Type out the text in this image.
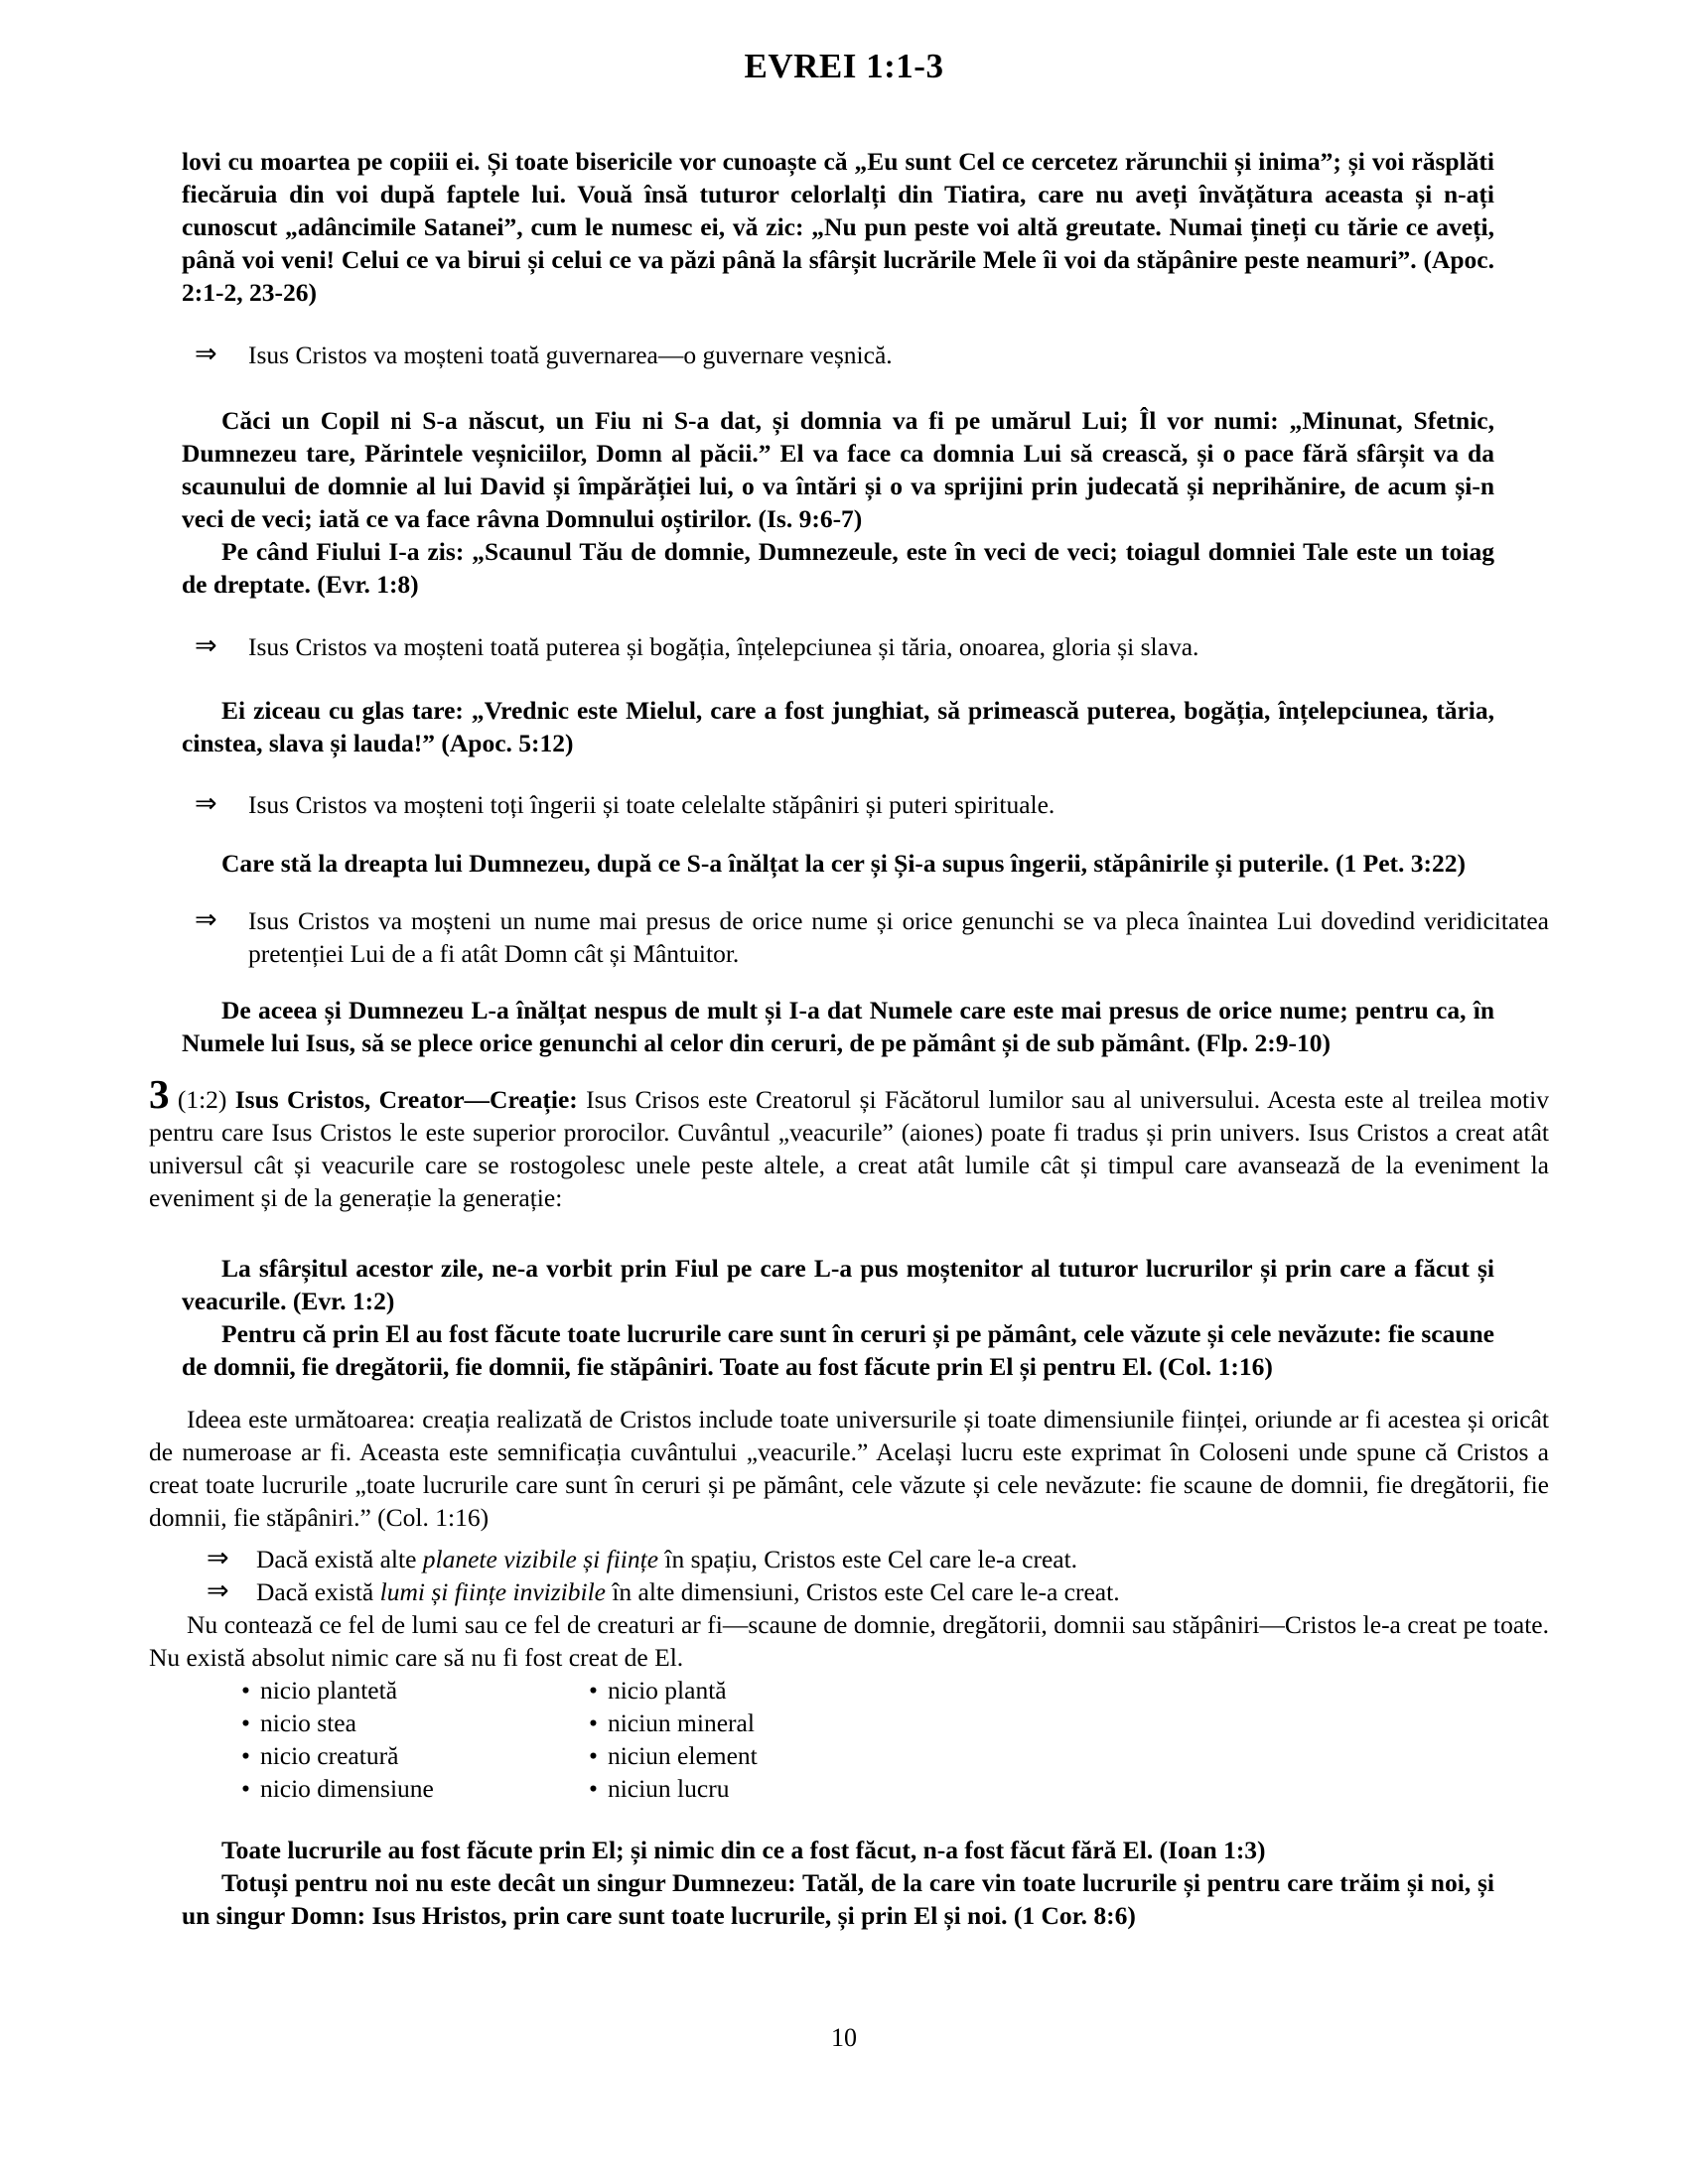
EVREI 1:1-3

lovi cu moartea pe copiii ei. Și toate bisericile vor cunoaște că „Eu sunt Cel ce cercetez rărunchii și inima”; și voi răsplăti fiecăruia din voi după faptele lui. Vouă însă tuturor celorlalți din Tiatira, care nu aveți învățătura aceasta și n-ați cunoscut „adâncimile Satanei”, cum le numesc ei, vă zic: „Nu pun peste voi altă greutate. Numai țineți cu tărie ce aveți, până voi veni! Celui ce va birui și celui ce va păzi până la sfârșit lucrările Mele îi voi da stăpânire peste neamuri”. (Apoc. 2:1-2, 23-26)

⇒ Isus Cristos va moșteni toată guvernarea—o guvernare veșnică.

Căci un Copil ni S-a născut, un Fiu ni S-a dat, și domnia va fi pe umărul Lui; Îl vor numi: „Minunat, Sfetnic, Dumnezeu tare, Părintele veșniciilor, Domn al păcii.” El va face ca domnia Lui să crească, și o pace fără sfârșit va da scaunului de domnie al lui David și împărăției lui, o va întări și o va sprijini prin judecată și neprihănire, de acum și-n veci de veci; iată ce va face râvna Domnului oștirilor. (Is. 9:6-7)

Pe când Fiului I-a zis: „Scaunul Tău de domnie, Dumnezeule, este în veci de veci; toiagul domniei Tale este un toiag de dreptate. (Evr. 1:8)

⇒ Isus Cristos va moșteni toată puterea și bogăția, înțelepciunea și tăria, onoarea, gloria și slava.

Ei ziceau cu glas tare: „Vrednic este Mielul, care a fost junghiat, să primească puterea, bogăția, înțelepciunea, tăria, cinstea, slava și lauda!” (Apoc. 5:12)

⇒ Isus Cristos va moșteni toți îngerii și toate celelalte stăpâniri și puteri spirituale.

Care stă la dreapta lui Dumnezeu, după ce S-a înălțat la cer și Și-a supus îngerii, stăpânirile și puterile. (1 Pet. 3:22)

⇒ Isus Cristos va moșteni un nume mai presus de orice nume și orice genunchi se va pleca înaintea Lui dovedind veridicitatea pretenției Lui de a fi atât Domn cât și Mântuitor.

De aceea și Dumnezeu L-a înălțat nespus de mult și I-a dat Numele care este mai presus de orice nume; pentru ca, în Numele lui Isus, să se plece orice genunchi al celor din ceruri, de pe pământ și de sub pământ. (Flp. 2:9-10)

3 (1:2) Isus Cristos, Creator—Creație: Isus Crisos este Creatorul și Făcătorul lumilor sau al universului. Acesta este al treilea motiv pentru care Isus Cristos le este superior prorocilor. Cuvântul „veacurile” (aiones) poate fi tradus și prin univers. Isus Cristos a creat atât universul cât și veacurile care se rostogolesc unele peste altele, a creat atât lumile cât și timpul care avansează de la eveniment la eveniment și de la generație la generație:

La sfârșitul acestor zile, ne-a vorbit prin Fiul pe care L-a pus moștenitor al tuturor lucrurilor și prin care a făcut și veacurile. (Evr. 1:2)

Pentru că prin El au fost făcute toate lucrurile care sunt în ceruri și pe pământ, cele văzute și cele nevăzute: fie scaune de domnii, fie dregătorii, fie domnii, fie stăpâniri. Toate au fost făcute prin El și pentru El. (Col. 1:16)

Ideea este următoarea: creația realizată de Cristos include toate universurile și toate dimensiunile ființei, oriunde ar fi acestea și oricât de numeroase ar fi. Aceasta este semnificația cuvântului „veacurile.” Același lucru este exprimat în Coloseni unde spune că Cristos a creat toate lucrurile „toate lucrurile care sunt în ceruri și pe pământ, cele văzute și cele nevăzute: fie scaune de domnii, fie dregătorii, fie domnii, fie stăpâniri.” (Col. 1:16)

⇒ Dacă există alte planete vizibile și ființe în spațiu, Cristos este Cel care le-a creat.

⇒ Dacă există lumi și ființe invizibile în alte dimensiuni, Cristos este Cel care le-a creat.

Nu contează ce fel de lumi sau ce fel de creaturi ar fi—scaune de domnie, dregătorii, domnii sau stăpâniri—Cristos le-a creat pe toate. Nu există absolut nimic care să nu fi fost creat de El.

• nicio plantetă	• nicio plantă
• nicio stea	• niciun mineral
• nicio creatură	• niciun element
• nicio dimensiune	• niciun lucru

Toate lucrurile au fost făcute prin El; și nimic din ce a fost făcut, n-a fost făcut fără El. (Ioan 1:3)

Totuși pentru noi nu este decât un singur Dumnezeu: Tatăl, de la care vin toate lucrurile și pentru care trăim și noi, și un singur Domn: Isus Hristos, prin care sunt toate lucrurile, și prin El și noi. (1 Cor. 8:6)

10
